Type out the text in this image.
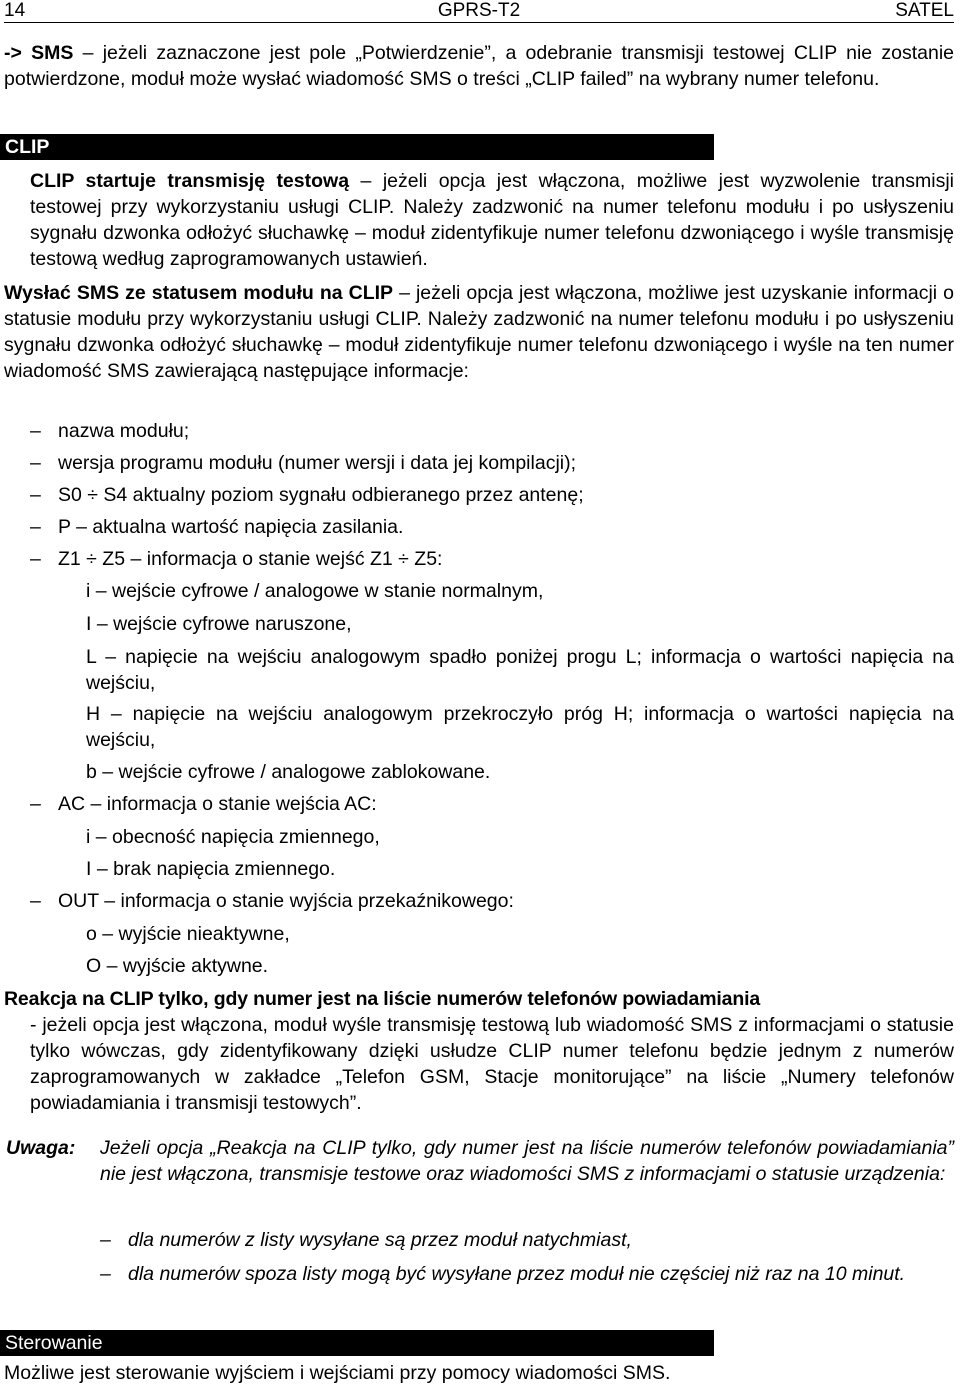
14	GPRS-T2	SATEL
-> SMS – jeżeli zaznaczone jest pole „Potwierdzenie”, a odebranie transmisji testowej CLIP nie zostanie potwierdzone, moduł może wysłać wiadomość SMS o treści „CLIP failed” na wybrany numer telefonu.
CLIP
CLIP startuje transmisję testową – jeżeli opcja jest włączona, możliwe jest wyzwolenie transmisji testowej przy wykorzystaniu usługi CLIP. Należy zadzwonić na numer telefonu modułu i po usłyszeniu sygnału dzwonka odłożyć słuchawkę – moduł zidentyfikuje numer telefonu dzwoniącego i wyśle transmisję testową według zaprogramowanych ustawień.
Wysłać SMS ze statusem modułu na CLIP – jeżeli opcja jest włączona, możliwe jest uzyskanie informacji o statusie modułu przy wykorzystaniu usługi CLIP. Należy zadzwonić na numer telefonu modułu i po usłyszeniu sygnału dzwonka odłożyć słuchawkę – moduł zidentyfikuje numer telefonu dzwoniącego i wyśle na ten numer wiadomość SMS zawierającą następujące informacje:
– nazwa modułu;
– wersja programu modułu (numer wersji i data jej kompilacji);
– S0 ÷ S4 aktualny poziom sygnału odbieranego przez antenę;
– P – aktualna wartość napięcia zasilania.
– Z1 ÷ Z5 – informacja o stanie wejść Z1 ÷ Z5:
i – wejście cyfrowe / analogowe w stanie normalnym,
I – wejście cyfrowe naruszone,
L – napięcie na wejściu analogowym spadło poniżej progu L; informacja o wartości napięcia na wejściu,
H – napięcie na wejściu analogowym przekroczyło próg H; informacja o wartości napięcia na wejściu,
b – wejście cyfrowe / analogowe zablokowane.
– AC – informacja o stanie wejścia AC:
i – obecność napięcia zmiennego,
I – brak napięcia zmiennego.
– OUT – informacja o stanie wyjścia przekaźnikowego:
o – wyjście nieaktywne,
O – wyjście aktywne.
Reakcja na CLIP tylko, gdy numer jest na liście numerów telefonów powiadamiania
- jeżeli opcja jest włączona, moduł wyśle transmisję testową lub wiadomość SMS z informacjami o statusie tylko wówczas, gdy zidentyfikowany dzięki usłudze CLIP numer telefonu będzie jednym z numerów zaprogramowanych w zakładce „Telefon GSM, Stacje monitorujące” na liście „Numery telefonów powiadamiania i transmisji testowych”.
Uwaga: Jeżeli opcja „Reakcja na CLIP tylko, gdy numer jest na liście numerów telefonów powiadamiania” nie jest włączona, transmisje testowe oraz wiadomości SMS z informacjami o statusie urządzenia:
– dla numerów z listy wysyłane są przez moduł natychmiast,
– dla numerów spoza listy mogą być wysyłane przez moduł nie częściej niż raz na 10 minut.
Sterowanie
Możliwe jest sterowanie wyjściem i wejściami przy pomocy wiadomości SMS.
